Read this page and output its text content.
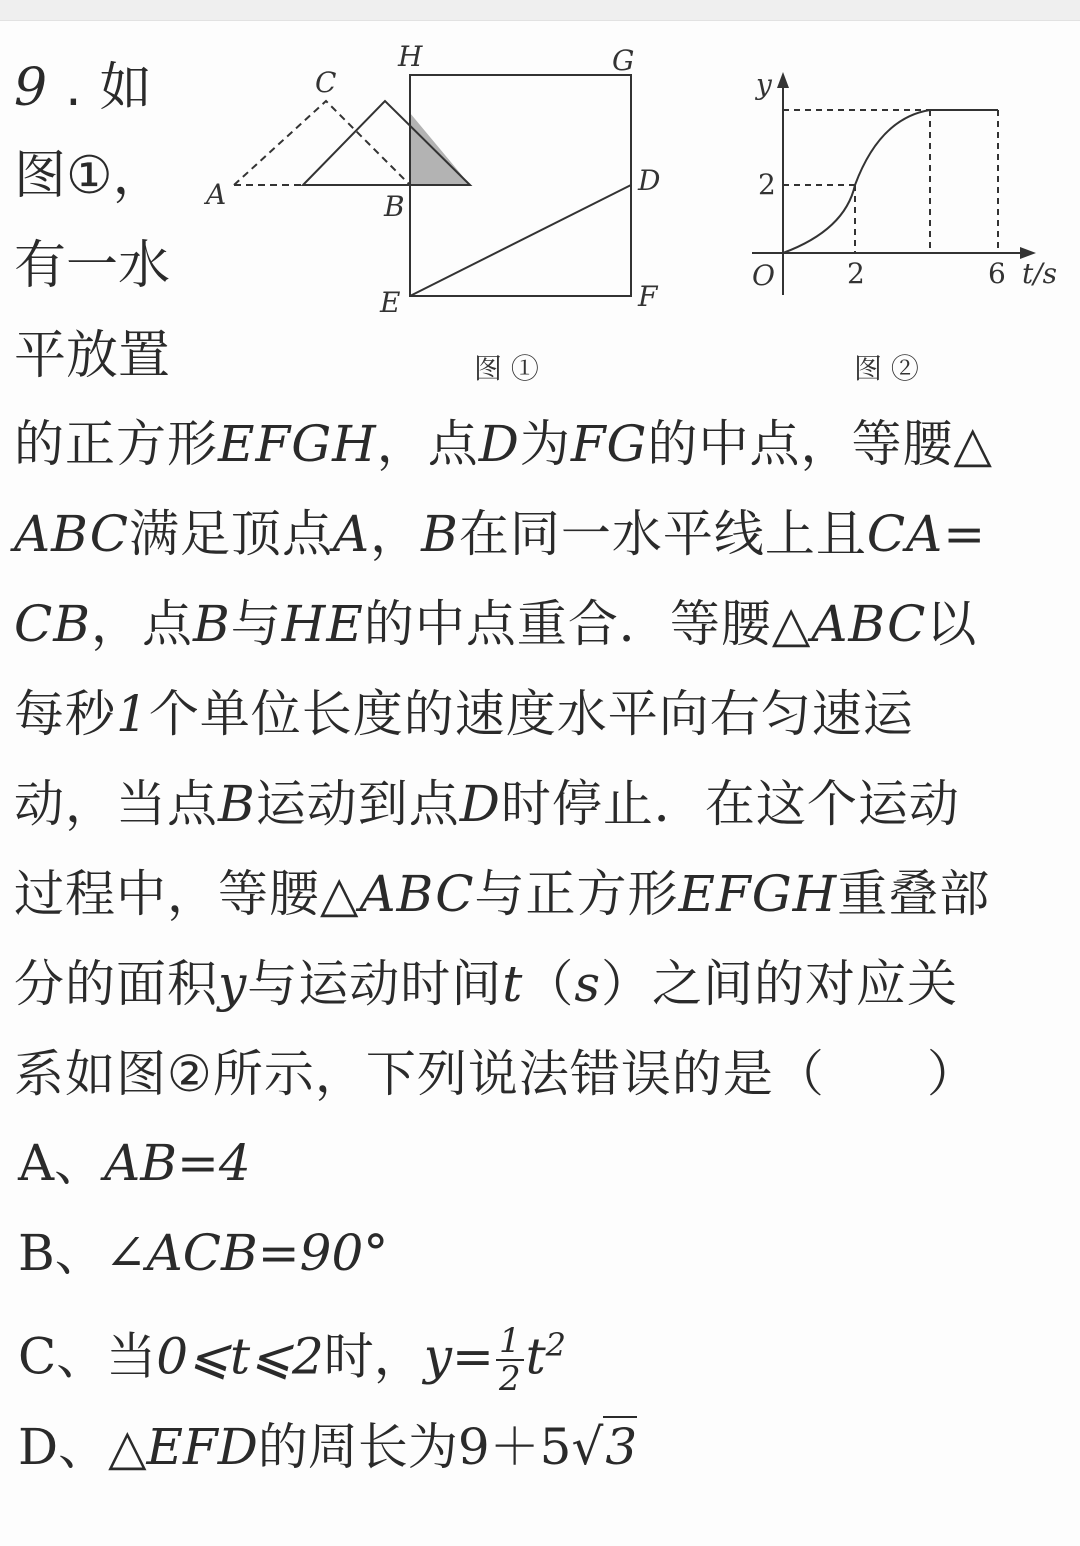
9 . 如
图①，
有一水
平放置
H	G
C
A	B
D
E	F
图 ①
y
2
O	2	6 t/s
图 ②
的正方形EFGH，点D为FG的中点，等腰△
ABC满足顶点A，B在同一水平线上且CA=
CB，点B与HE的中点重合．等腰△ABC以
每秒1个单位长度的速度水平向右匀速运
动，当点B运动到点D时停止．在这个运动
过程中，等腰△ABC与正方形EFGH重叠部
分的面积y与运动时间t（s）之间的对应关
系如图②所示，下列说法错误的是（　　）
A、AB=4
B、∠ACB=90°
C、当0⩽t⩽2时，$y= \frac{1}{2} t^2$
D、△EFD的周长为9＋5√3
